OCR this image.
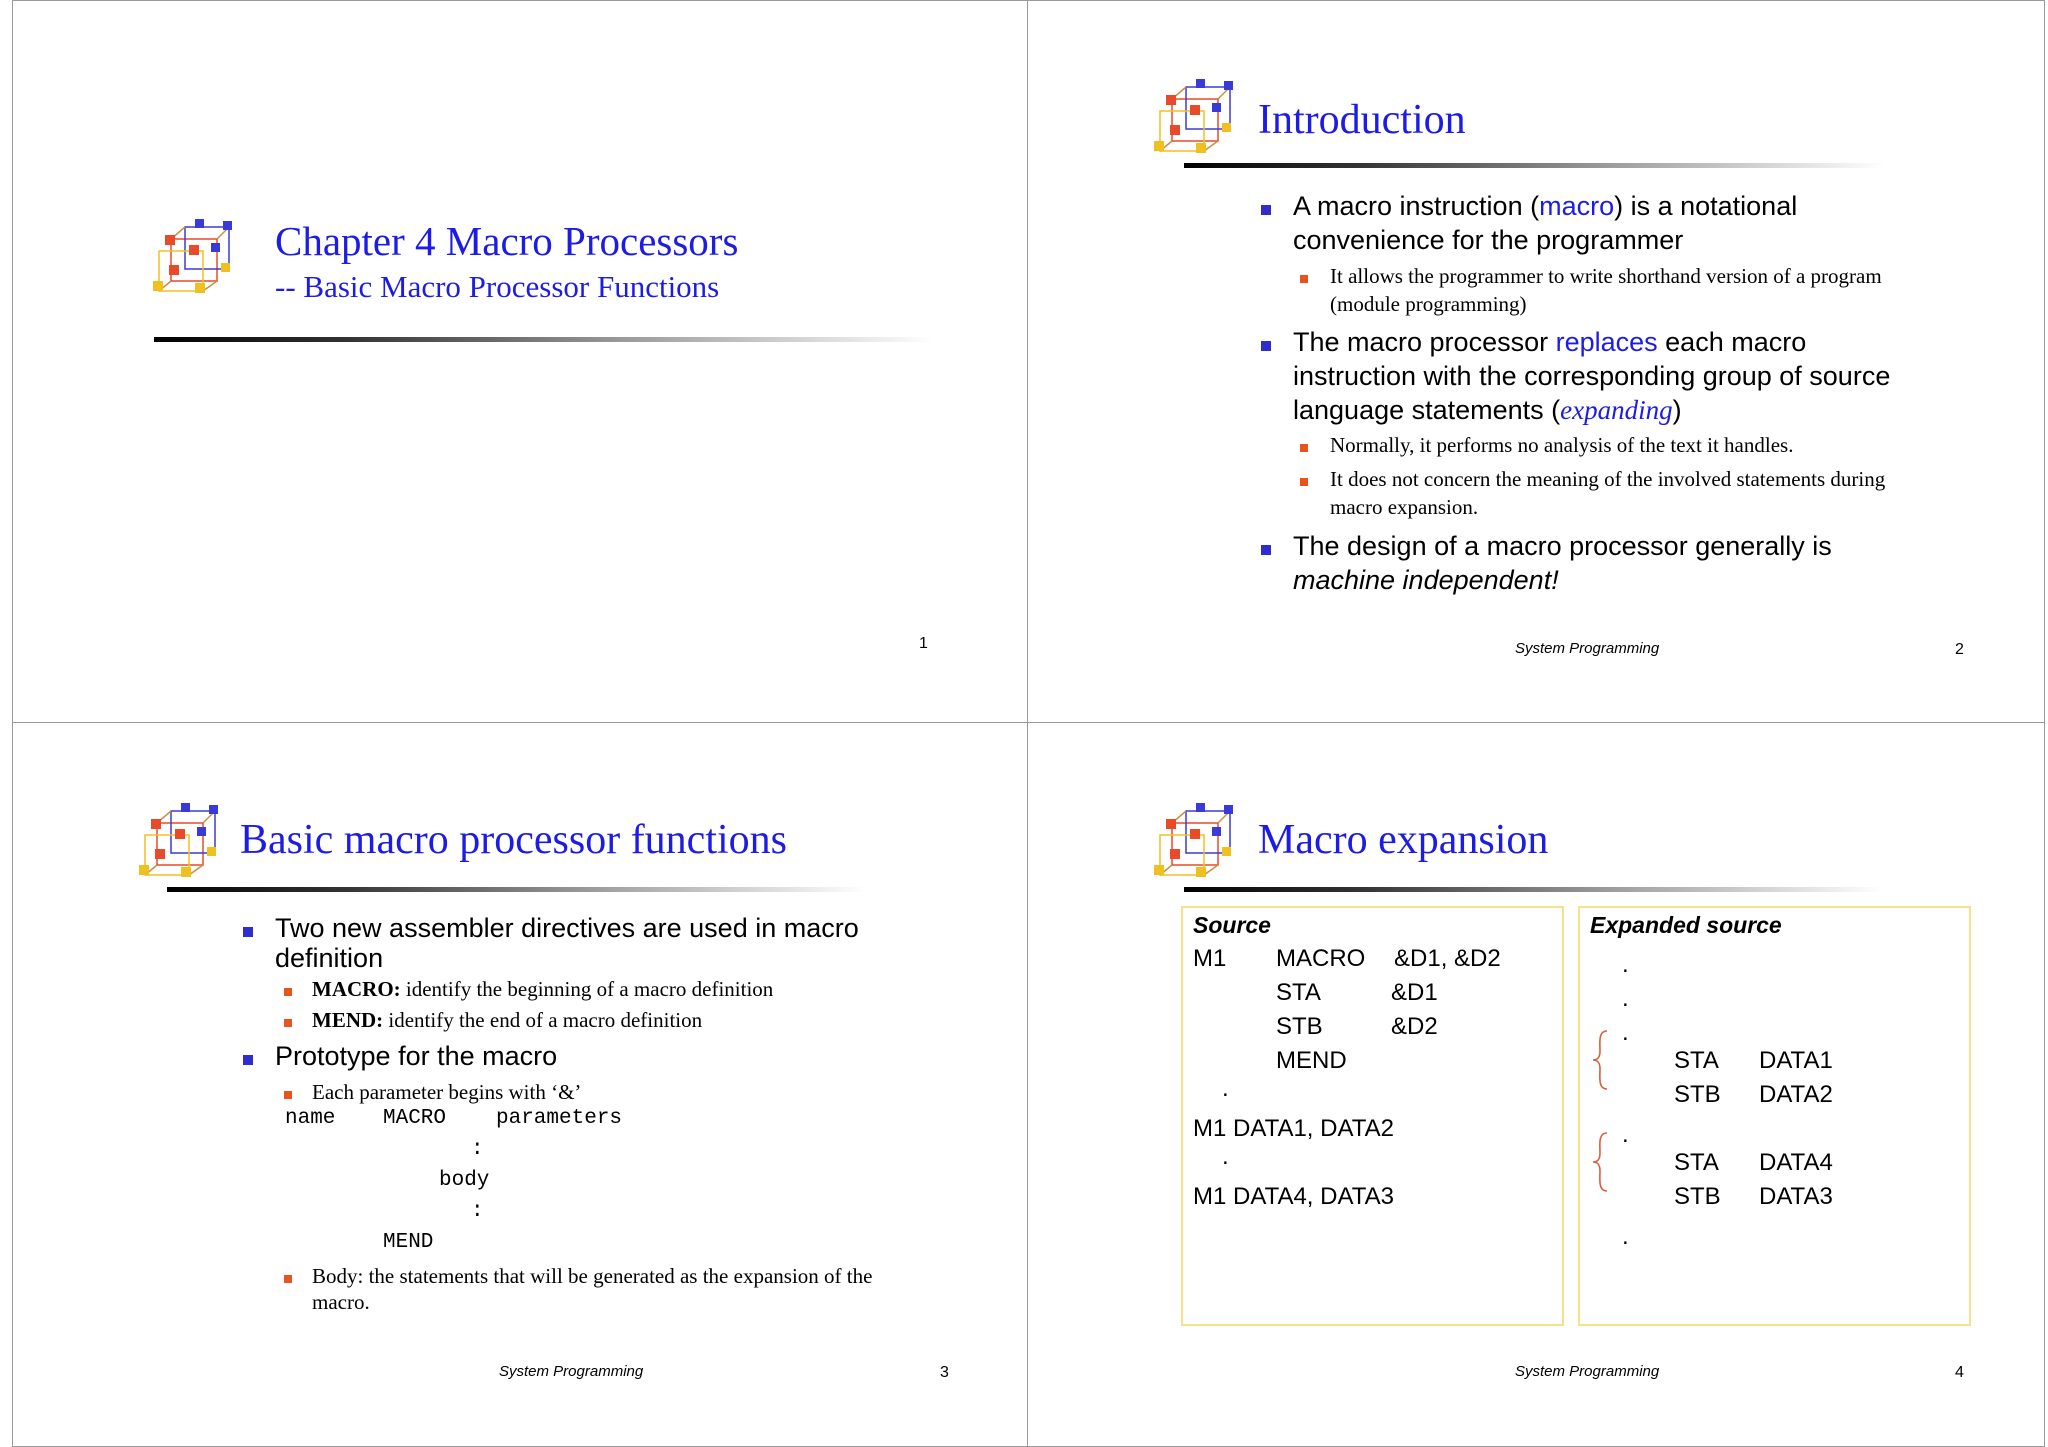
Chapter 4 Macro Processors
-- Basic Macro Processor Functions
1
Introduction
A macro instruction (macro) is a notational
convenience for the programmer
It allows the programmer to write shorthand version of a program
(module programming)
The macro processor replaces each macro
instruction with the corresponding group of source
language statements (expanding)
Normally, it performs no analysis of the text it handles.
It does not concern the meaning of the involved statements during
macro expansion.
The design of a macro processor generally is
machine independent!
System Programming	2
Basic macro processor functions
Two new assembler directives are used in macro
definition
MACRO: identify the beginning of a macro definition
MEND: identify the end of a macro definition
Prototype for the macro
Each parameter begins with ‘&’
name MACRO parameters
:
body
:
MEND
Body: the statements that will be generated as the expansion of the
macro.
System Programming	3
Macro expansion
Source
M1 MACRO &D1, &D2
STA	&D1
STB	&D2
MEND
.
M1 DATA1, DATA2
.
M1 DATA4, DATA3
Expanded source
.
.
.
STA DATA1
STB DATA2
.
STA DATA4
STB DATA3
.
System Programming	4
